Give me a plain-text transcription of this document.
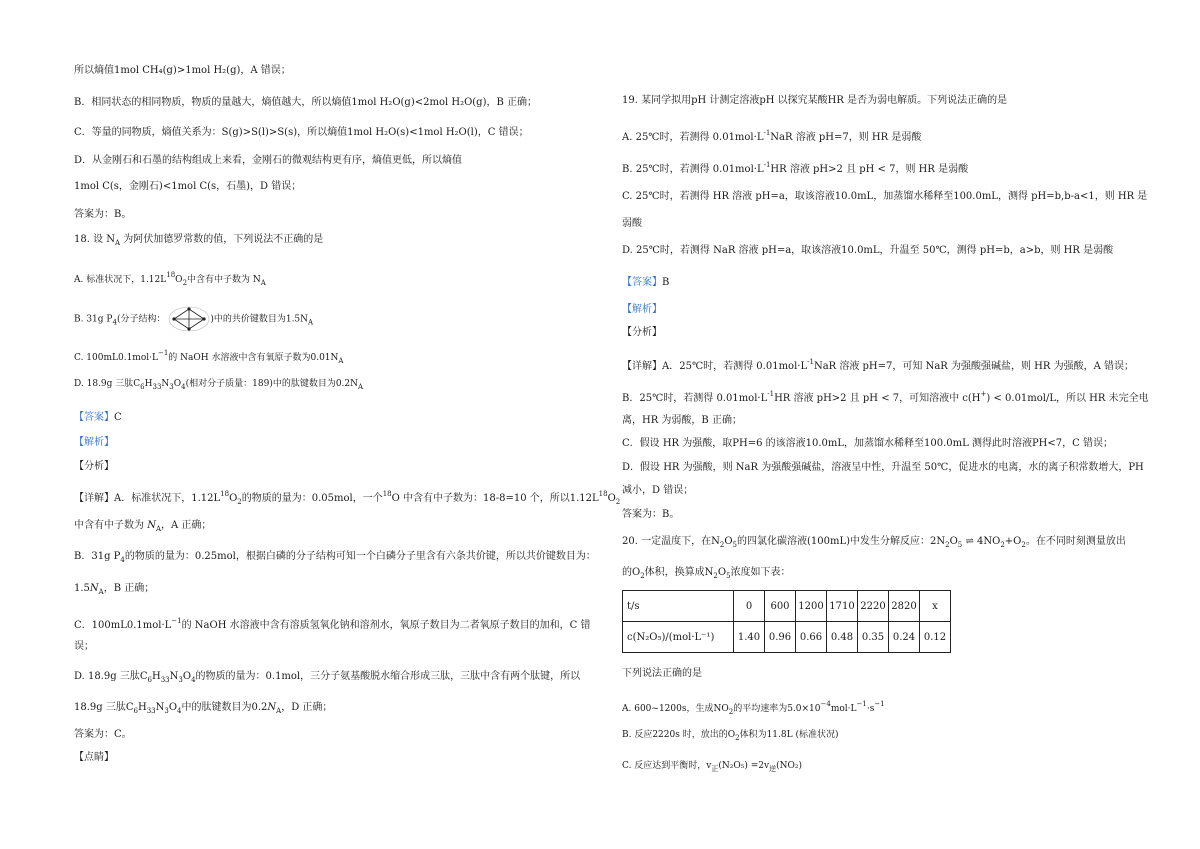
所以熵值1mol CH₄(g)>1mol H₂(g)，A 错误；
B．相同状态的相同物质，物质的量越大，熵值越大，所以熵值1mol H₂O(g)<2mol H₂O(g)，B 正确；
C．等量的同物质，熵值关系为：S(g)>S(l)>S(s)，所以熵值1mol H₂O(s)<1mol H₂O(l)，C 错误；
D．从金刚石和石墨的结构组成上来看，金刚石的微观结构更有序，熵值更低，所以熵值
1mol C(s，金刚石)<1mol C(s，石墨)，D 错误；
答案为：B。
18. 设 $N_A$ 为阿伏加德罗常数的值，下列说法不正确的是
A. 标准状况下，$1.12L^{18}O_2$中含有中子数为 $N_A$
B. 31g $P_4$(分子结构：	)中的共价键数目为$1.5N_A$
C. $100mL0.1mol\cdot L^{-1}$的 NaOH 水溶液中含有氧原子数为$0.01N_A$
D. 18.9g 三肽$C_6H_{33}N_3O_4$(相对分子质量：189)中的肽键数目为$0.2N_A$
【答案】C
【解析】
【分析】
【详解】A．标准状况下，$1.12L^{18}O_2$的物质的量为：0.05mol，一个$^{18}$O 中含有中子数为：18-8=10 个，所以$1.12L^{18}O_2$
中含有中子数为 $N_A$，A 正确；
B．31g $P_4$的物质的量为：0.25mol，根据白磷的分子结构可知一个白磷分子里含有六条共价键，所以共价键数目为：
$1.5N_A$，B 正确；
C．$100mL0.1mol\cdot L^{-1}$的 NaOH 水溶液中含有溶质氢氧化钠和溶剂水，氧原子数目为二者氧原子数目的加和，C 错
误；
D. 18.9g 三肽$C_6H_{33}N_3O_4$的物质的量为：0.1mol，三分子氨基酸脱水缩合形成三肽，三肽中含有两个肽键，所以
18.9g 三肽$C_6H_{33}N_3O_4$中的肽键数目为$0.2N_A$，D 正确；
答案为：C。
【点睛】
19. 某同学拟用pH 计测定溶液pH 以探究某酸HR 是否为弱电解质。下列说法正确的是
A. 25℃时，若测得 $0.01mol\cdot L^{-1}NaR$ 溶液 pH=7，则 HR 是弱酸
B. 25℃时，若测得 $0.01mol\cdot L^{-1}HR$ 溶液 pH>2 且 pH < 7，则 HR 是弱酸
C. 25℃时，若测得 HR 溶液 pH=a，取该溶液10.0mL，加蒸馏水稀释至100.0mL，测得 pH=b,b-a<1，则 HR 是
弱酸
D. 25℃时，若测得 NaR 溶液 pH=a，取该溶液10.0mL，升温至 50℃，测得 pH=b，a>b，则 HR 是弱酸
【答案】B
【解析】
【分析】
【详解】A．25℃时，若测得 $0.01mol\cdot L^{-1}NaR$ 溶液 pH=7，可知 NaR 为强酸强碱盐，则 HR 为强酸，A 错误；
B．25℃时，若测得 $0.01mol\cdot L^{-1}HR$ 溶液 pH>2 且 pH < 7，可知溶液中 c(H+) < 0.01mol/L，所以 HR 未完全电
离，HR 为弱酸，B 正确；
C．假设 HR 为强酸，取PH=6 的该溶液10.0mL，加蒸馏水稀释至100.0mL 测得此时溶液PH<7，C 错误；
D．假设 HR 为强酸，则 NaR 为强酸强碱盐，溶液呈中性，升温至 50℃，促进水的电离，水的离子积常数增大，PH
减小，D 错误；
答案为：B。
20. 一定温度下，在$N_2O_5$的四氯化碳溶液(100mL)中发生分解反应：$2N_2O_5$ ⇌ $4NO_2+O_2$。在不同时刻测量放出
的$O_2$体积，换算成$N_2O_5$浓度如下表：
t/s	0	600	1200	1710	2220	2820	x
c(N₂O₅)/(mol·L⁻¹)	1.40	0.96	0.66	0.48	0.35	0.24	0.12
下列说法正确的是
A. 600~1200s，生成$NO_2$的平均速率为$5.0\times 10^{-4}mol\cdot L^{-1}\cdot s^{-1}$
B. 反应2220s 时，放出的$O_2$体积为11.8L (标准状况)
C. 反应达到平衡时，$v_正(N_2O_5) =2v_逆(NO_2)$
